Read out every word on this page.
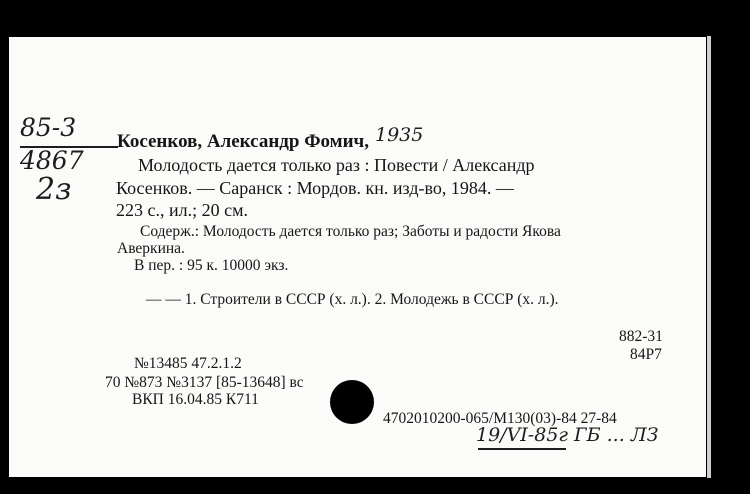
85-3
4867
2з
1935
19/VI-85г ГБ ... ЛЗ
Косенков, Александр Фомич,
Молодость дается только раз : Повести / Александр
Косенков. — Саранск : Мордов. кн. изд-во, 1984. —
223 с., ил.; 20 см.
Содерж.: Молодость дается только раз; Заботы и радости Якова
Аверкина.
В пер. : 95 к. 10000 экз.
— — 1. Строители в СССР (х. л.). 2. Молодежь в СССР (х. л.).
882-31
84Р7
№13485 47.2.1.2
70 №873 №3137 [85-13648] вс
ВКП 16.04.85 К711
4702010200-065/М130(03)-84 27-84
